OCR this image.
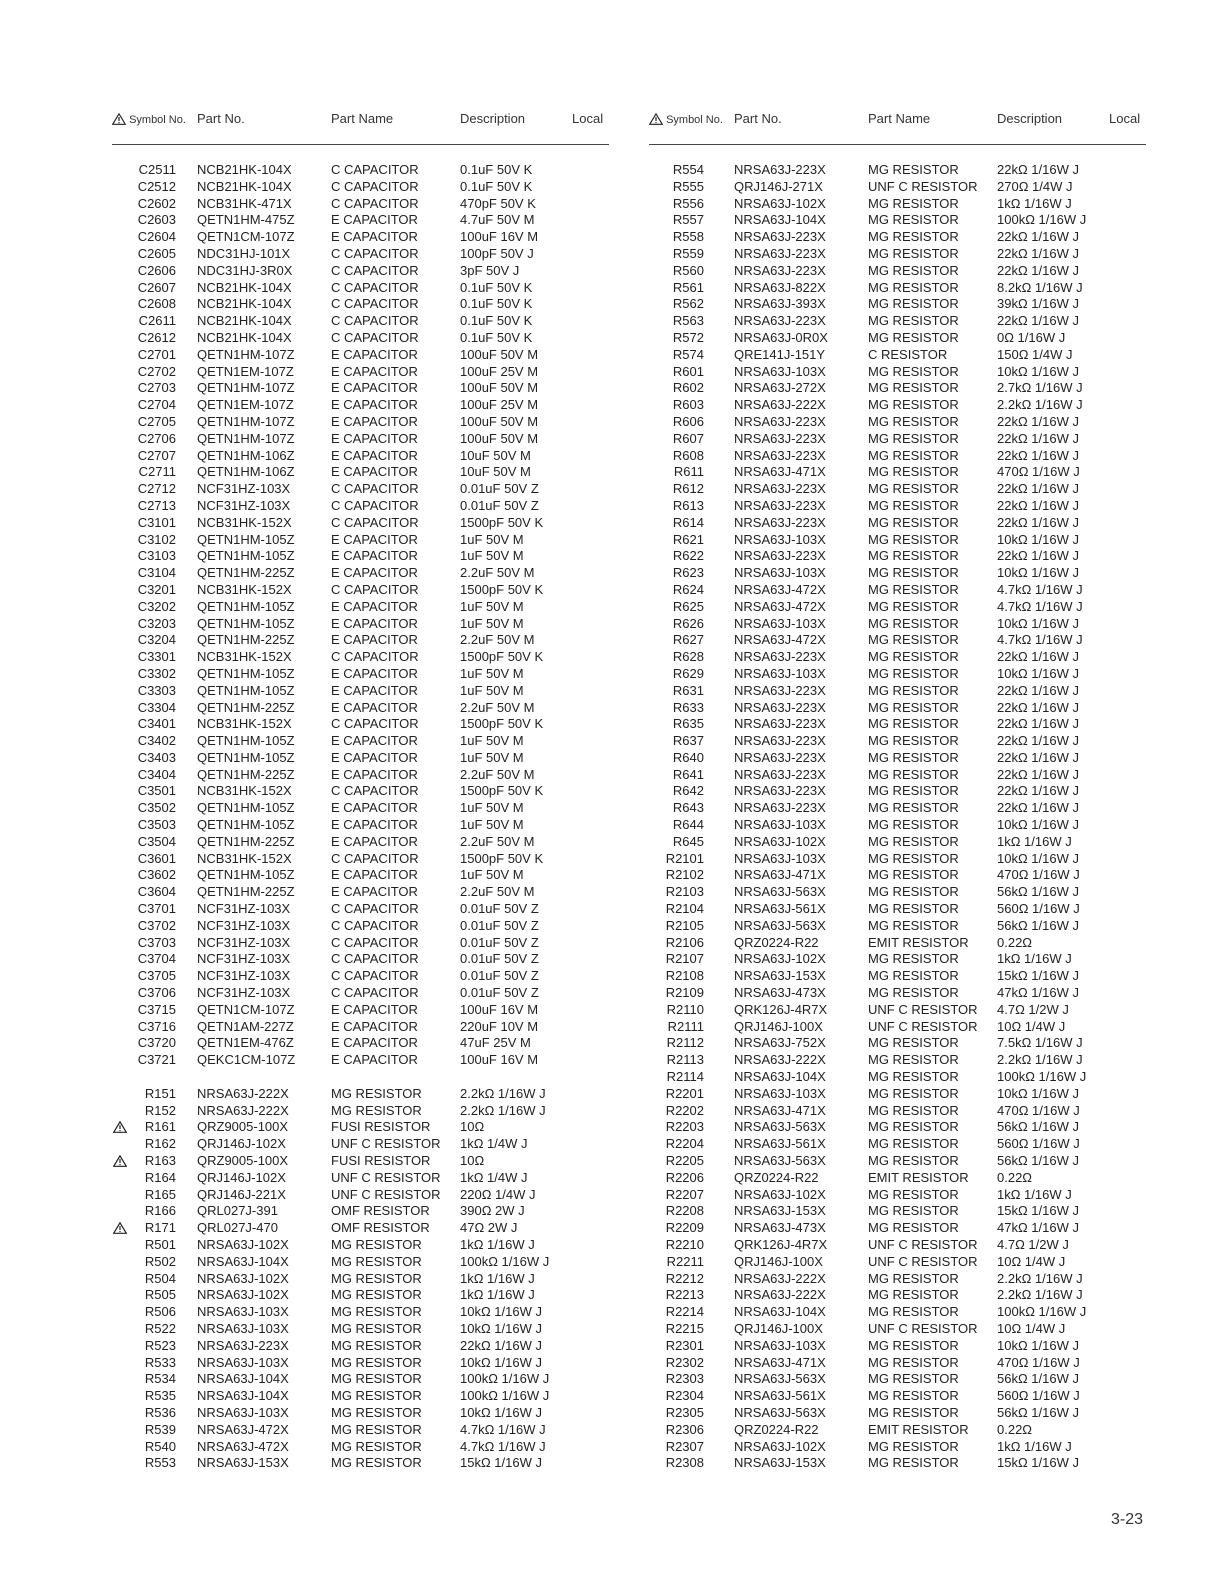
Symbol No. Part No.	Part Name	Description	Local
C2511 NCB21HK-104X	C CAPACITOR	0.1uF 50V K
C2512 NCB21HK-104X	C CAPACITOR	0.1uF 50V K
C2602 NCB31HK-471X	C CAPACITOR	470pF 50V K
C2603 QETN1HM-475Z	E CAPACITOR	4.7uF 50V M
C2604 QETN1CM-107Z	E CAPACITOR	100uF 16V M
C2605 NDC31HJ-101X	C CAPACITOR	100pF 50V J
C2606 NDC31HJ-3R0X	C CAPACITOR	3pF 50V J
C2607 NCB21HK-104X	C CAPACITOR	0.1uF 50V K
C2608 NCB21HK-104X	C CAPACITOR	0.1uF 50V K
C2611 NCB21HK-104X	C CAPACITOR	0.1uF 50V K
C2612 NCB21HK-104X	C CAPACITOR	0.1uF 50V K
C2701 QETN1HM-107Z	E CAPACITOR	100uF 50V M
C2702 QETN1EM-107Z	E CAPACITOR	100uF 25V M
C2703 QETN1HM-107Z	E CAPACITOR	100uF 50V M
C2704 QETN1EM-107Z	E CAPACITOR	100uF 25V M
C2705 QETN1HM-107Z	E CAPACITOR	100uF 50V M
C2706 QETN1HM-107Z	E CAPACITOR	100uF 50V M
C2707 QETN1HM-106Z	E CAPACITOR	10uF 50V M
C2711 QETN1HM-106Z	E CAPACITOR	10uF 50V M
C2712 NCF31HZ-103X	C CAPACITOR	0.01uF 50V Z
C2713 NCF31HZ-103X	C CAPACITOR	0.01uF 50V Z
C3101 NCB31HK-152X	C CAPACITOR	1500pF 50V K
C3102 QETN1HM-105Z	E CAPACITOR	1uF 50V M
C3103 QETN1HM-105Z	E CAPACITOR	1uF 50V M
C3104 QETN1HM-225Z	E CAPACITOR	2.2uF 50V M
C3201 NCB31HK-152X	C CAPACITOR	1500pF 50V K
C3202 QETN1HM-105Z	E CAPACITOR	1uF 50V M
C3203 QETN1HM-105Z	E CAPACITOR	1uF 50V M
C3204 QETN1HM-225Z	E CAPACITOR	2.2uF 50V M
C3301 NCB31HK-152X	C CAPACITOR	1500pF 50V K
C3302 QETN1HM-105Z	E CAPACITOR	1uF 50V M
C3303 QETN1HM-105Z	E CAPACITOR	1uF 50V M
C3304 QETN1HM-225Z	E CAPACITOR	2.2uF 50V M
C3401 NCB31HK-152X	C CAPACITOR	1500pF 50V K
C3402 QETN1HM-105Z	E CAPACITOR	1uF 50V M
C3403 QETN1HM-105Z	E CAPACITOR	1uF 50V M
C3404 QETN1HM-225Z	E CAPACITOR	2.2uF 50V M
C3501 NCB31HK-152X	C CAPACITOR	1500pF 50V K
C3502 QETN1HM-105Z	E CAPACITOR	1uF 50V M
C3503 QETN1HM-105Z	E CAPACITOR	1uF 50V M
C3504 QETN1HM-225Z	E CAPACITOR	2.2uF 50V M
C3601 NCB31HK-152X	C CAPACITOR	1500pF 50V K
C3602 QETN1HM-105Z	E CAPACITOR	1uF 50V M
C3604 QETN1HM-225Z	E CAPACITOR	2.2uF 50V M
C3701 NCF31HZ-103X	C CAPACITOR	0.01uF 50V Z
C3702 NCF31HZ-103X	C CAPACITOR	0.01uF 50V Z
C3703 NCF31HZ-103X	C CAPACITOR	0.01uF 50V Z
C3704 NCF31HZ-103X	C CAPACITOR	0.01uF 50V Z
C3705 NCF31HZ-103X	C CAPACITOR	0.01uF 50V Z
C3706 NCF31HZ-103X	C CAPACITOR	0.01uF 50V Z
C3715 QETN1CM-107Z	E CAPACITOR	100uF 16V M
C3716 QETN1AM-227Z	E CAPACITOR	220uF 10V M
C3720 QETN1EM-476Z	E CAPACITOR	47uF 25V M
C3721 QEKC1CM-107Z	E CAPACITOR	100uF 16V M
R151 NRSA63J-222X	MG RESISTOR	2.2kΩ 1/16W J
R152 NRSA63J-222X	MG RESISTOR	2.2kΩ 1/16W J
R161 QRZ9005-100X	FUSI RESISTOR 10Ω
R162 QRJ146J-102X	UNF C RESISTOR 1kΩ 1/4W J
R163 QRZ9005-100X	FUSI RESISTOR 10Ω
R164 QRJ146J-102X	UNF C RESISTOR 1kΩ 1/4W J
R165 QRJ146J-221X	UNF C RESISTOR 220Ω 1/4W J
R166 QRL027J-391	OMF RESISTOR 390Ω 2W J
R171 QRL027J-470	OMF RESISTOR 47Ω 2W J
R501 NRSA63J-102X	MG RESISTOR	1kΩ 1/16W J
R502 NRSA63J-104X	MG RESISTOR	100kΩ 1/16W J
R504 NRSA63J-102X	MG RESISTOR	1kΩ 1/16W J
R505 NRSA63J-102X	MG RESISTOR	1kΩ 1/16W J
R506 NRSA63J-103X	MG RESISTOR	10kΩ 1/16W J
R522 NRSA63J-103X	MG RESISTOR	10kΩ 1/16W J
R523 NRSA63J-223X	MG RESISTOR	22kΩ 1/16W J
R533 NRSA63J-103X	MG RESISTOR	10kΩ 1/16W J
R534 NRSA63J-104X	MG RESISTOR	100kΩ 1/16W J
R535 NRSA63J-104X	MG RESISTOR	100kΩ 1/16W J
R536 NRSA63J-103X	MG RESISTOR	10kΩ 1/16W J
R539 NRSA63J-472X	MG RESISTOR	4.7kΩ 1/16W J
R540 NRSA63J-472X	MG RESISTOR	4.7kΩ 1/16W J
R553 NRSA63J-153X	MG RESISTOR	15kΩ 1/16W J
Symbol No. Part No.	Part Name	Description	Local
R554 NRSA63J-223X	MG RESISTOR	22kΩ 1/16W J
R555 QRJ146J-271X	UNF C RESISTOR 270Ω 1/4W J
R556 NRSA63J-102X	MG RESISTOR	1kΩ 1/16W J
R557 NRSA63J-104X	MG RESISTOR	100kΩ 1/16W J
R558 NRSA63J-223X	MG RESISTOR	22kΩ 1/16W J
R559 NRSA63J-223X	MG RESISTOR	22kΩ 1/16W J
R560 NRSA63J-223X	MG RESISTOR	22kΩ 1/16W J
R561 NRSA63J-822X	MG RESISTOR	8.2kΩ 1/16W J
R562 NRSA63J-393X	MG RESISTOR	39kΩ 1/16W J
R563 NRSA63J-223X	MG RESISTOR	22kΩ 1/16W J
R572 NRSA63J-0R0X	MG RESISTOR	0Ω 1/16W J
R574 QRE141J-151Y	C RESISTOR	150Ω 1/4W J
R601 NRSA63J-103X	MG RESISTOR	10kΩ 1/16W J
R602 NRSA63J-272X	MG RESISTOR	2.7kΩ 1/16W J
R603 NRSA63J-222X	MG RESISTOR	2.2kΩ 1/16W J
R606 NRSA63J-223X	MG RESISTOR	22kΩ 1/16W J
R607 NRSA63J-223X	MG RESISTOR	22kΩ 1/16W J
R608 NRSA63J-223X	MG RESISTOR	22kΩ 1/16W J
R611 NRSA63J-471X	MG RESISTOR	470Ω 1/16W J
R612 NRSA63J-223X	MG RESISTOR	22kΩ 1/16W J
R613 NRSA63J-223X	MG RESISTOR	22kΩ 1/16W J
R614 NRSA63J-223X	MG RESISTOR	22kΩ 1/16W J
R621 NRSA63J-103X	MG RESISTOR	10kΩ 1/16W J
R622 NRSA63J-223X	MG RESISTOR	22kΩ 1/16W J
R623 NRSA63J-103X	MG RESISTOR	10kΩ 1/16W J
R624 NRSA63J-472X	MG RESISTOR	4.7kΩ 1/16W J
R625 NRSA63J-472X	MG RESISTOR	4.7kΩ 1/16W J
R626 NRSA63J-103X	MG RESISTOR	10kΩ 1/16W J
R627 NRSA63J-472X	MG RESISTOR	4.7kΩ 1/16W J
R628 NRSA63J-223X	MG RESISTOR	22kΩ 1/16W J
R629 NRSA63J-103X	MG RESISTOR	10kΩ 1/16W J
R631 NRSA63J-223X	MG RESISTOR	22kΩ 1/16W J
R633 NRSA63J-223X	MG RESISTOR	22kΩ 1/16W J
R635 NRSA63J-223X	MG RESISTOR	22kΩ 1/16W J
R637 NRSA63J-223X	MG RESISTOR	22kΩ 1/16W J
R640 NRSA63J-223X	MG RESISTOR	22kΩ 1/16W J
R641 NRSA63J-223X	MG RESISTOR	22kΩ 1/16W J
R642 NRSA63J-223X	MG RESISTOR	22kΩ 1/16W J
R643 NRSA63J-223X	MG RESISTOR	22kΩ 1/16W J
R644 NRSA63J-103X	MG RESISTOR	10kΩ 1/16W J
R645 NRSA63J-102X	MG RESISTOR	1kΩ 1/16W J
R2101 NRSA63J-103X	MG RESISTOR	10kΩ 1/16W J
R2102 NRSA63J-471X	MG RESISTOR	470Ω 1/16W J
R2103 NRSA63J-563X	MG RESISTOR	56kΩ 1/16W J
R2104 NRSA63J-561X	MG RESISTOR	560Ω 1/16W J
R2105 NRSA63J-563X	MG RESISTOR	56kΩ 1/16W J
R2106 QRZ0224-R22	EMIT RESISTOR 0.22Ω
R2107 NRSA63J-102X	MG RESISTOR	1kΩ 1/16W J
R2108 NRSA63J-153X	MG RESISTOR	15kΩ 1/16W J
R2109 NRSA63J-473X	MG RESISTOR	47kΩ 1/16W J
R2110 QRK126J-4R7X	UNF C RESISTOR 4.7Ω 1/2W J
R2111 QRJ146J-100X	UNF C RESISTOR 10Ω 1/4W J
R2112 NRSA63J-752X	MG RESISTOR	7.5kΩ 1/16W J
R2113 NRSA63J-222X	MG RESISTOR	2.2kΩ 1/16W J
R2114 NRSA63J-104X	MG RESISTOR	100kΩ 1/16W J
R2201 NRSA63J-103X	MG RESISTOR	10kΩ 1/16W J
R2202 NRSA63J-471X	MG RESISTOR	470Ω 1/16W J
R2203 NRSA63J-563X	MG RESISTOR	56kΩ 1/16W J
R2204 NRSA63J-561X	MG RESISTOR	560Ω 1/16W J
R2205 NRSA63J-563X	MG RESISTOR	56kΩ 1/16W J
R2206 QRZ0224-R22	EMIT RESISTOR 0.22Ω
R2207 NRSA63J-102X	MG RESISTOR	1kΩ 1/16W J
R2208 NRSA63J-153X	MG RESISTOR	15kΩ 1/16W J
R2209 NRSA63J-473X	MG RESISTOR	47kΩ 1/16W J
R2210 QRK126J-4R7X	UNF C RESISTOR 4.7Ω 1/2W J
R2211 QRJ146J-100X	UNF C RESISTOR 10Ω 1/4W J
R2212 NRSA63J-222X	MG RESISTOR	2.2kΩ 1/16W J
R2213 NRSA63J-222X	MG RESISTOR	2.2kΩ 1/16W J
R2214 NRSA63J-104X	MG RESISTOR	100kΩ 1/16W J
R2215 QRJ146J-100X	UNF C RESISTOR 10Ω 1/4W J
R2301 NRSA63J-103X	MG RESISTOR	10kΩ 1/16W J
R2302 NRSA63J-471X	MG RESISTOR	470Ω 1/16W J
R2303 NRSA63J-563X	MG RESISTOR	56kΩ 1/16W J
R2304 NRSA63J-561X	MG RESISTOR	560Ω 1/16W J
R2305 NRSA63J-563X	MG RESISTOR	56kΩ 1/16W J
R2306 QRZ0224-R22	EMIT RESISTOR 0.22Ω
R2307 NRSA63J-102X	MG RESISTOR	1kΩ 1/16W J
R2308 NRSA63J-153X	MG RESISTOR	15kΩ 1/16W J
3-23
